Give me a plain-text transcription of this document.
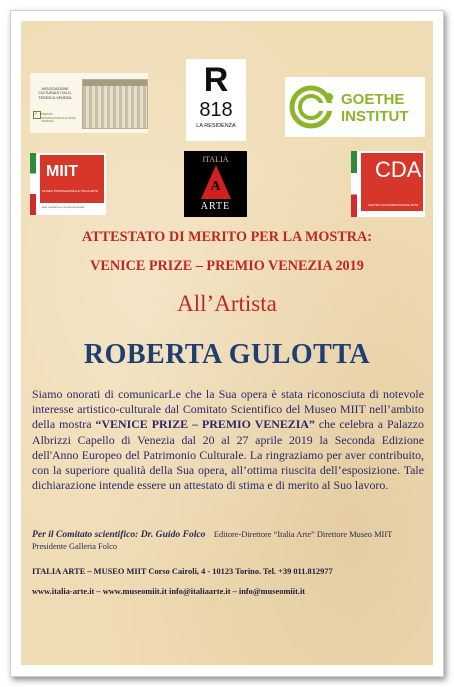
ASSOCIAZIONE CULTURALE ITALO-TEDESCA VENEZIA
✓ PREMIO INTERNAZIONALE ARTE VENEZIA
R
818
LA RESIDENZA
GOETHE
INSTITUT
MIIT
MUSEO INTERNAZIONALE ITALIA ARTE
arte moderna e contemporanea
ITALIA
A
ARTE
CDA
CENTRO DOCUMENTAZIONE ARTE
ATTESTATO DI MERITO PER LA MOSTRA:
VENICE PRIZE – PREMIO VENEZIA 2019
All’Artista
ROBERTA GULOTTA
Siamo onorati di comunicarLe che la Sua opera è stata riconosciuta di notevole interesse artistico-culturale dal Comitato Scientifico del Museo MIIT nell’ambito della mostra “VENICE PRIZE – PREMIO VENEZIA” che celebra a Palazzo Albrizzi Capello di Venezia dal 20 al 27 aprile 2019 la Seconda Edizione dell'Anno Europeo del Patrimonio Culturale. La ringraziamo per aver contribuito, con la superiore qualità della Sua opera, all’ottima riuscita dell’esposizione. Tale dichiarazione intende essere un attestato di stima e di merito al Suo lavoro.
Per il Comitato scientifico: Dr. Guido Folco Editore-Direttore “Italia Arte” Direttore Museo MIIT Presidente Galleria Folco
ITALIA ARTE – MUSEO MIIT Corso Cairoli, 4 - 10123 Torino. Tel. +39 011.812977
www.italia-arte.it – www.museomiit.it info@italiaarte.it – info@museomiit.it
